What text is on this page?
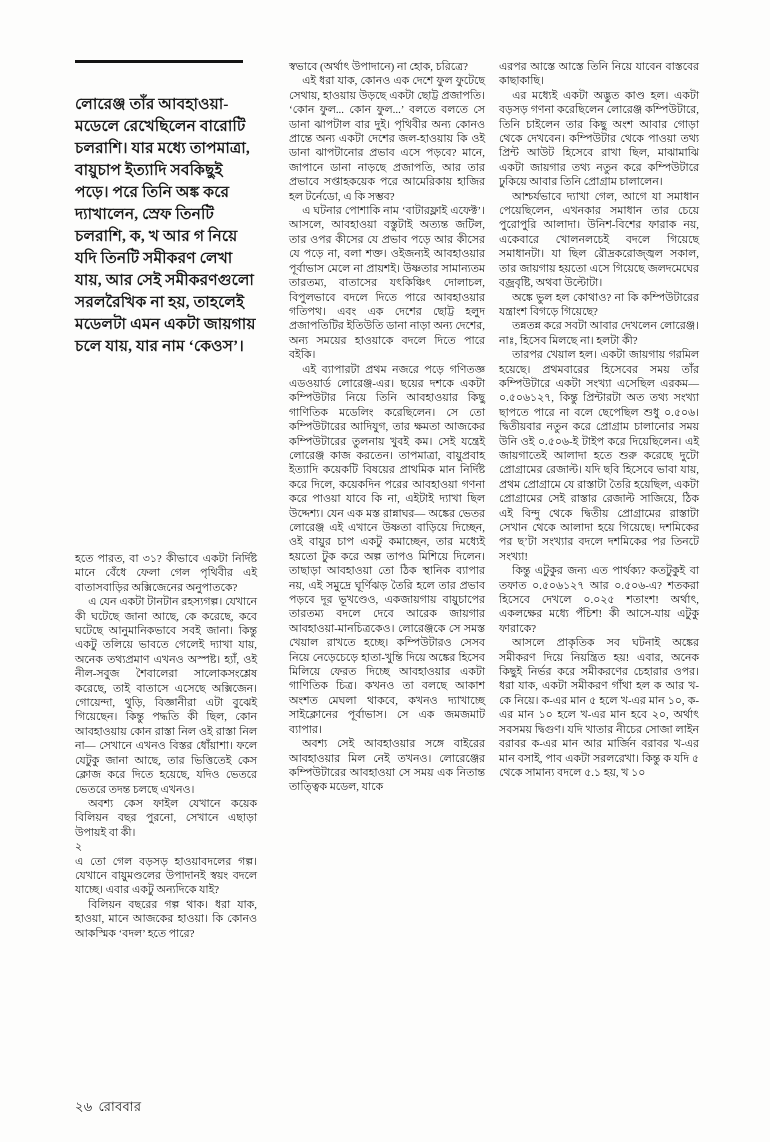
লোরেঞ্জ তাঁর আবহাওয়া-মডেলে রেখেছিলেন বারোটি চলরাশি। যার মধ্যে তাপমাত্রা, বায়ুচাপ ইত্যাদি সবকিছুই পড়ে। পরে তিনি অঙ্ক করে দ্যাখালেন, স্রেফ তিনটি চলরাশি, ক, খ আর গ নিয়ে যদি তিনটি সমীকরণ লেখা যায়, আর সেই সমীকরণগুলো সরলরৈখিক না হয়, তাহলেই মডেলটা এমন একটা জায়গায় চলে যায়, যার নাম ‘কেওস’।

হতে পারত, বা ৩১? কীভাবে একটা নির্দিষ্ট মানে বেঁধে ফেলা গেল পৃথিবীর এই বাতাসবাড়ির অক্সিজেনের অনুপাতকে?

এ যেন একটা টানটান রহস্যগল্প। যেখানে কী ঘটেছে জানা আছে, কে করেছে, কবে ঘটেছে আনুমানিকভাবে সবই জানা। কিন্তু একটু তলিয়ে ভাবতে গেলেই দ্যাখা যায়, অনেক তথ্যপ্রমাণ এখনও অস্পষ্ট। হ্যাঁ, ওই নীল-সবুজ শৈবালেরা সালোকসংশ্লেষ করেছে, তাই বাতাসে এসেছে অক্সিজেন। গোয়েন্দা, থুড়ি, বিজ্ঞানীরা এটা বুঝেই গিয়েছেন। কিন্তু পদ্ধতি কী ছিল, কোন আবহাওয়ায় কোন রাস্তা নিল ওই রাস্তা নিল না— সেখানে এখনও বিস্তর ধোঁয়াশা। ফলে যেটুকু জানা আছে, তার ভিত্তিতেই কেস ক্লোজ করে দিতে হয়েছে, যদিও ভেতরে ভেতরে তদন্ত চলছে এখনও।

অবশ্য কেস ফাইল যেখানে কয়েক বিলিয়ন বছর পুরনো, সেখানে এছাড়া উপায়ই বা কী।

২

এ তো গেল বড়সড় হাওয়াবদলের গল্প। যেখানে বায়ুমণ্ডলের উপাদানই স্বয়ং বদলে যাচ্ছে। এবার একটু অন্যদিকে যাই?

বিলিয়ন বছরের গল্প থাক। ধরা যাক, হাওয়া, মানে আজকের হাওয়া। কি কোনও আকস্মিক ‘বদল’ হতে পারে?

স্বভাবে (অর্থাৎ উপাদানে) না হোক, চরিত্রে?

এই ধরা যাক, কোনও এক দেশে ফুল ফুটেছে সেথায়, হাওয়ায় উড়ছে একটা ছোট্ট প্রজাপতি। ‘কোন ফুল... কোন ফুল...’ বলতে বলতে সে ডানা ঝাপটাল বার দুই। পৃথিবীর অন্য কোনও প্রান্তে অন্য একটা দেশের জল-হাওয়ায় কি ওই ডানা ঝাপটানোর প্রভাব এসে পড়বে? মানে, জাপানে ডানা নাড়ছে প্রজাপতি, আর তার প্রভাবে সপ্তাহকয়েক পরে আমেরিকায় হাজির হল টর্নেডো, এ কি সম্ভব?

এ ঘটনার পোশাকি নাম ‘বাটারফ্লাই এফেক্ট’। আসলে, আবহাওয়া বস্তুটাই অত্যন্ত জটিল, তার ওপর কীসের যে প্রভাব পড়ে আর কীসের যে পড়ে না, বলা শক্ত। ওইজন্যই আবহাওয়ার পূর্বাভাস মেলে না প্রায়শই। উষ্ণতার সামান্যতম তারতম্য, বাতাসের যৎকিঞ্চিৎ দোলাচল, বিপুলভাবে বদলে দিতে পারে আবহাওয়ার গতিপথ। এবং এক দেশের ছোট্ট হলুদ প্রজাপতিটির ইতিউতি ডানা নাড়া অন্য দেশের, অন্য সময়ের হাওয়াকে বদলে দিতে পারে বইকি।

এই ব্যাপারটা প্রথম নজরে পড়ে গণিতজ্ঞ এডওয়ার্ড লোরেঞ্জ-এর। ছয়ের দশকে একটা কম্পিউটার নিয়ে তিনি আবহাওয়ার কিছু গাণিতিক মডেলিং করেছিলেন। সে তো কম্পিউটারের আদিযুগ, তার ক্ষমতা আজকের কম্পিউটারের তুলনায় খুবই কম। সেই যন্ত্রেই লোরেঞ্জ কাজ করতেন। তাপমাত্রা, বায়ুপ্রবাহ ইত্যাদি কয়েকটি বিষয়ের প্রাথমিক মান নির্দিষ্ট করে দিলে, কয়েকদিন পরের আবহাওয়া গণনা করে পাওয়া যাবে কি না, এইটাই দ্যাখা ছিল উদ্দেশ্য। যেন এক মস্ত রান্নাঘর— অঙ্কের ভেতর লোরেঞ্জ এই এখানে উষ্ণতা বাড়িয়ে দিচ্ছেন, ওই বায়ুর চাপ একটু কমাচ্ছেন, তার মধ্যেই হয়তো টুক করে অল্প তাপও মিশিয়ে দিলেন। তাছাড়া আবহাওয়া তো ঠিক স্থানিক ব্যাপার নয়, এই সমুদ্রে ঘূর্ণিঝড় তৈরি হলে তার প্রভাব পড়বে দূর ভূখণ্ডেও, একজায়গায় বায়ুচাপের তারতম্য বদলে দেবে আরেক জায়গার আবহাওয়া-মানচিত্রকেও। লোরেঞ্জকে সে সমস্ত খেয়াল রাখতে হচ্ছে। কম্পিউটারও সেসব নিয়ে নেড়েচেড়ে হাতা-খুন্তি দিয়ে অঙ্কের হিসেব মিলিয়ে ফেরত দিচ্ছে আবহাওয়ার একটা গাণিতিক চিত্র। কখনও তা বলছে আকাশ অংশত মেঘলা থাকবে, কখনও দ্যাখাচ্ছে সাইক্লোনের পূর্বাভাস। সে এক জমজমাট ব্যাপার।

অবশ্য সেই আবহাওয়ার সঙ্গে বাইরের আবহাওয়ার মিল নেই তখনও। লোরেঞ্জের কম্পিউটারের আবহাওয়া সে সময় এক নিতান্ত তাত্ত্বিক মডেল, যাকে

এরপর আস্তে আস্তে তিনি নিয়ে যাবেন বাস্তবের কাছাকাছি।

এর মধ্যেই একটা অদ্ভুত কাণ্ড হল। একটা বড়সড় গণনা করেছিলেন লোরেঞ্জ কম্পিউটারে, তিনি চাইলেন তার কিছু অংশ আবার গোড়া থেকে দেখবেন। কম্পিউটার থেকে পাওয়া তথ্য প্রিন্ট আউট হিসেবে রাখা ছিল, মাঝামাঝি একটা জায়গার তথ্য নতুন করে কম্পিউটারে ঢুকিয়ে আবার তিনি প্রোগ্রাম চালালেন।

আশ্চর্যভাবে দ্যাখা গেল, আগে যা সমাধান পেয়েছিলেন, এখনকার সমাধান তার চেয়ে পুরোপুরি আলাদা। উনিশ-বিশের ফারাক নয়, একেবারে খোলনলচেই বদলে গিয়েছে সমাধানটা। যা ছিল রৌদ্রকরোজ্জ্বল সকাল, তার জায়গায় হয়তো এসে গিয়েছে জলদমেঘের বজ্রবৃষ্টি, অথবা উল্টোটা।

অঙ্কে ভুল হল কোথাও? না কি কম্পিউটারের যন্ত্রাংশ বিগড়ে গিয়েছে?

তন্নতন্ন করে সবটা আবার দেখলেন লোরেঞ্জ। নাঃ, হিসেব মিলছে না। হলটা কী?

তারপর খেয়াল হল। একটা জায়গায় গরমিল হয়েছে। প্রথমবারের হিসেবের সময় তাঁর কম্পিউটারে একটা সংখ্যা এসেছিল এরকম— ০.৫০৬১২৭, কিন্তু প্রিন্টারটা অত তথ্য সংখ্যা ছাপতে পারে না বলে ছেপেছিল শুধু ০.৫০৬। দ্বিতীয়বার নতুন করে প্রোগ্রাম চালানোর সময় উনি ওই ০.৫০৬-ই টাইপ করে দিয়েছিলেন। এই জায়গাতেই আলাদা হতে শুরু করেছে দুটো প্রোগ্রামের রেজাল্ট। যদি ছবি হিসেবে ভাবা যায়, প্রথম প্রোগ্রামে যে রাস্তাটা তৈরি হয়েছিল, একটা প্রোগ্রামের সেই রাস্তার রেজাল্ট সাজিয়ে, ঠিক এই বিন্দু থেকে দ্বিতীয় প্রোগ্রামের রাস্তাটা সেখান থেকে আলাদা হয়ে গিয়েছে। দশমিকের পর ছ’টা সংখ্যার বদলে দশমিকের পর তিনটে সংখ্যা!

কিন্তু এটুকুর জন্য এত পার্থক্য? কতটুকুই বা তফাত ০.৫০৬১২৭ আর ০.৫০৬-এ? শতকরা হিসেবে দেখলে ০.০২৫ শতাংশ! অর্থাৎ, একলক্ষের মধ্যে পঁচিশ! কী আসে-যায় এটুকু ফারাকে?

আসলে প্রাকৃতিক সব ঘটনাই অঙ্কের সমীকরণ দিয়ে নিয়ন্ত্রিত হয়! এবার, অনেক কিছুই নির্ভর করে সমীকরণের চেহারার ওপর। ধরা যাক, একটা সমীকরণ গাঁথা হল ক আর খ-কে নিয়ে। ক-এর মান ৫ হলে খ-এর মান ১০, ক-এর মান ১০ হলে খ-এর মান হবে ২০, অর্থাৎ সবসময় দ্বিগুণ। যদি খাতার নীচের সোজা লাইন বরাবর ক-এর মান আর মার্জিন বরাবর খ-এর মান বসাই, পাব একটা সরলরেখা। কিন্তু ক যদি ৫ থেকে সামান্য বদলে ৫.১ হয়, খ ১০

২৬ রোববার
